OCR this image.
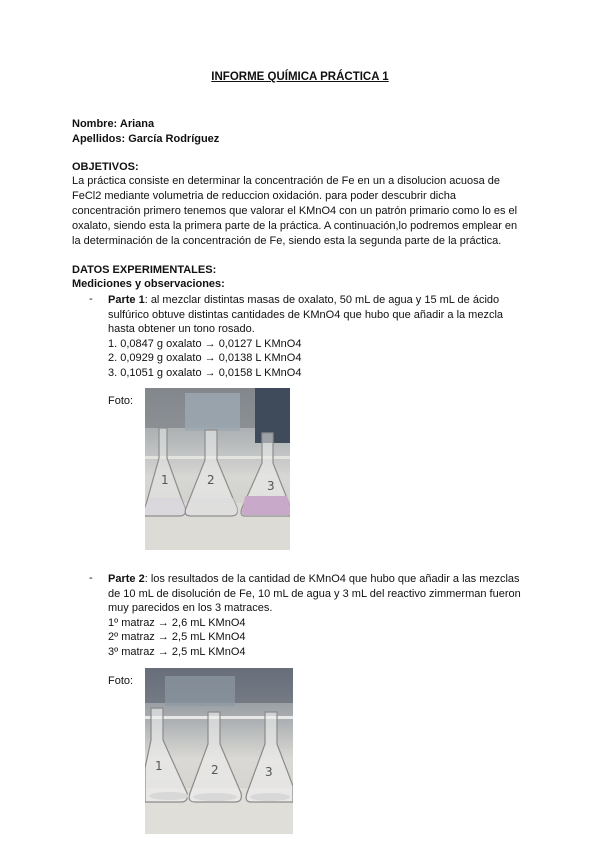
INFORME QUÍMICA PRÁCTICA 1
Nombre: Ariana
Apellidos: García Rodríguez
OBJETIVOS:
La práctica consiste en determinar la concentración de Fe en un a disolucion acuosa de
FeCl2 mediante volumetria de reduccion oxidación. para poder descubrir dicha
concentración primero tenemos que valorar el KMnO4 con un patrón primario como lo es el
oxalato, siendo esta la primera parte de la práctica. A continuación,lo podremos emplear en
la determinación de la concentración de Fe, siendo esta la segunda parte de la práctica.
DATOS EXPERIMENTALES:
Mediciones y observaciones:
- Parte 1: al mezclar distintas masas de oxalato, 50 mL de agua y 15 mL de ácido
sulfúrico obtuve distintas cantidades de KMnO4 que hubo que añadir a la mezcla
hasta obtener un tono rosado.
1. 0,0847 g oxalato → 0,0127 L KMnO4
2. 0,0929 g oxalato → 0,0138 L KMnO4
3. 0,1051 g oxalato → 0,0158 L KMnO4
Foto:
1	2	3
- Parte 2: los resultados de la cantidad de KMnO4 que hubo que añadir a las mezclas
de 10 mL de disolución de Fe, 10 mL de agua y 3 mL del reactivo zimmerman fueron
muy parecidos en los 3 matraces.
1º matraz → 2,6 mL KMnO4
2º matraz → 2,5 mL KMnO4
3º matraz → 2,5 mL KMnO4
Foto:
1	2	3
